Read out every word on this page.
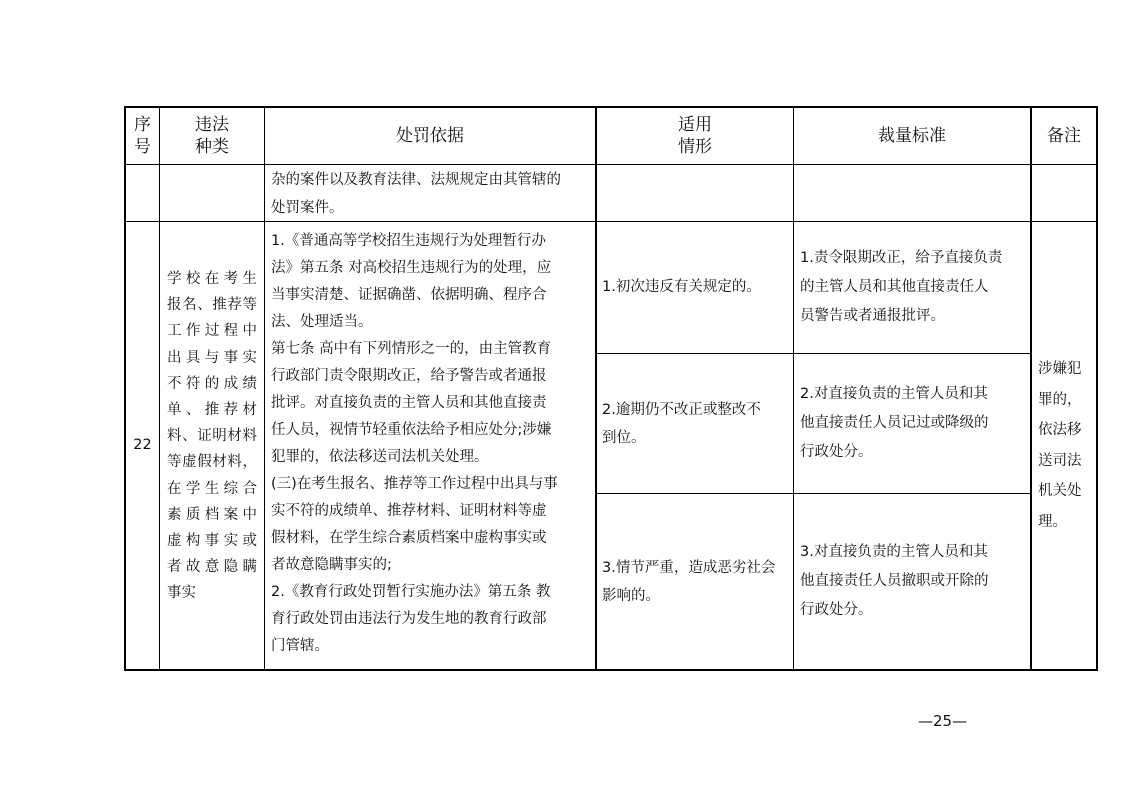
序
号
违法
种类
处罚依据
适用
情形
裁量标准	备注
杂的案件以及教育法律、法规规定由其管辖的
处罚案件。
22
学校在考生
报名、推荐等
工作过程中
出具与事实
不符的成绩
单、推荐材
料、证明材料
等虚假材料，
在学生综合
素质档案中
虚构事实或
者故意隐瞒
事实
1.《普通高等学校招生违规行为处理暂行办
法》第五条 对高校招生违规行为的处理，应
当事实清楚、证据确凿、依据明确、程序合
法、处理适当。
第七条 高中有下列情形之一的，由主管教育
行政部门责令限期改正，给予警告或者通报
批评。对直接负责的主管人员和其他直接责
任人员，视情节轻重依法给予相应处分;涉嫌
犯罪的，依法移送司法机关处理。
(三)在考生报名、推荐等工作过程中出具与事
实不符的成绩单、推荐材料、证明材料等虚
假材料，在学生综合素质档案中虚构事实或
者故意隐瞒事实的;
2.《教育行政处罚暂行实施办法》第五条 教
育行政处罚由违法行为发生地的教育行政部
门管辖。
1.初次违反有关规定的。
2.逾期仍不改正或整改不
到位。
3.情节严重，造成恶劣社会
影响的。
1.责令限期改正，给予直接负责
的主管人员和其他直接责任人
员警告或者通报批评。
2.对直接负责的主管人员和其
他直接责任人员记过或降级的
行政处分。
3.对直接负责的主管人员和其
他直接责任人员撤职或开除的
行政处分。
涉嫌犯
罪的，
依法移
送司法
机关处
理。
—25—
